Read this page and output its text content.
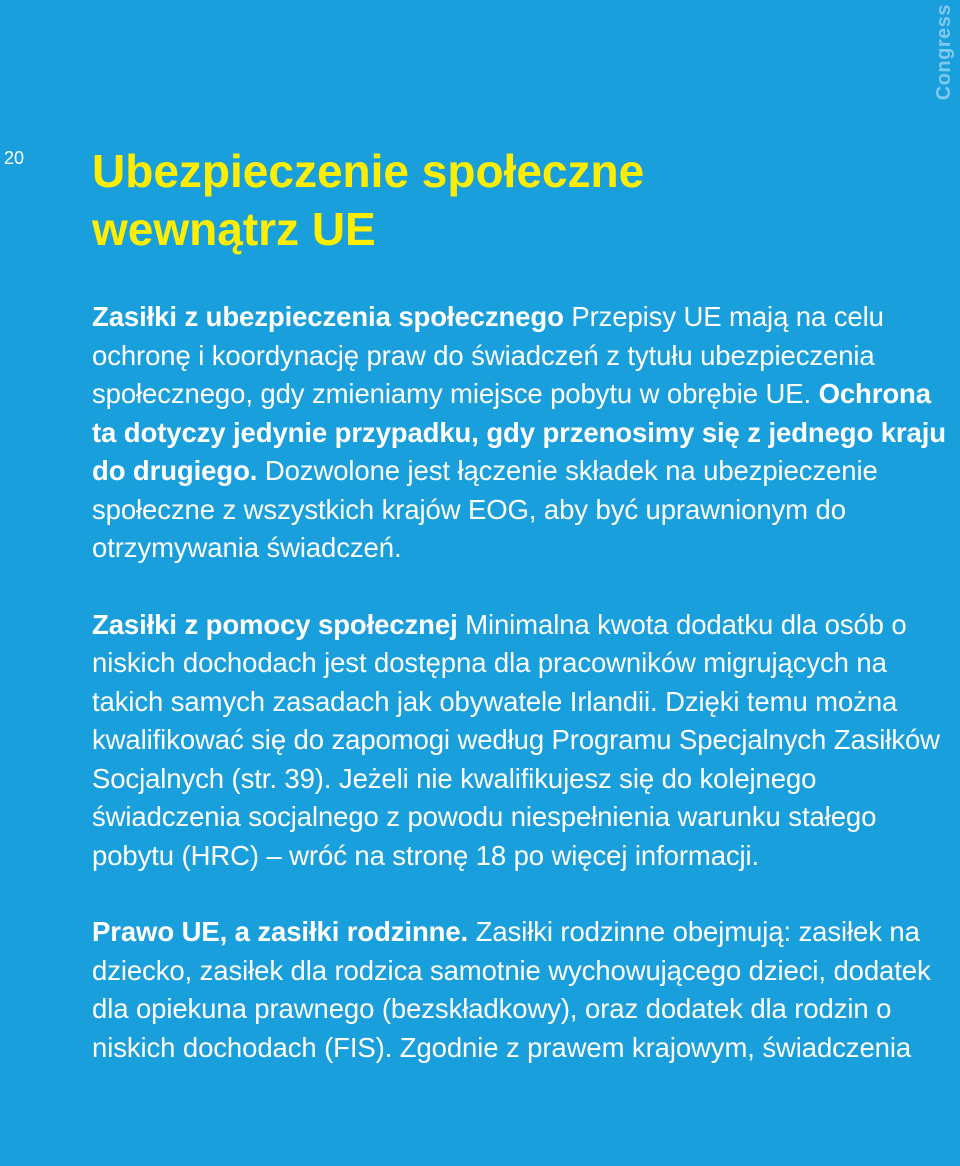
20
Congress
Ubezpieczenie społeczne
wewnątrz UE

Zasiłki z ubezpieczenia społecznego Przepisy UE mają na celu ochronę i koordynację praw do świadczeń z tytułu ubezpieczenia społecznego, gdy zmieniamy miejsce pobytu w obrębie UE. Ochrona ta dotyczy jedynie przypadku, gdy przenosimy się z jednego kraju do drugiego. Dozwolone jest łączenie składek na ubezpieczenie społeczne z wszystkich krajów EOG, aby być uprawnionym do otrzymywania świadczeń.

Zasiłki z pomocy społecznej Minimalna kwota dodatku dla osób o niskich dochodach jest dostępna dla pracowników migrujących na takich samych zasadach jak obywatele Irlandii. Dzięki temu można kwalifikować się do zapomogi według Programu Specjalnych Zasiłków Socjalnych (str. 39). Jeżeli nie kwalifikujesz się do kolejnego świadczenia socjalnego z powodu niespełnienia warunku stałego pobytu (HRC) – wróć na stronę 18 po więcej informacji.

Prawo UE, a zasiłki rodzinne. Zasiłki rodzinne obejmują: zasiłek na dziecko, zasiłek dla rodzica samotnie wychowującego dzieci, dodatek dla opiekuna prawnego (bezskładkowy), oraz dodatek dla rodzin o niskich dochodach (FIS). Zgodnie z prawem krajowym, świadczenia
